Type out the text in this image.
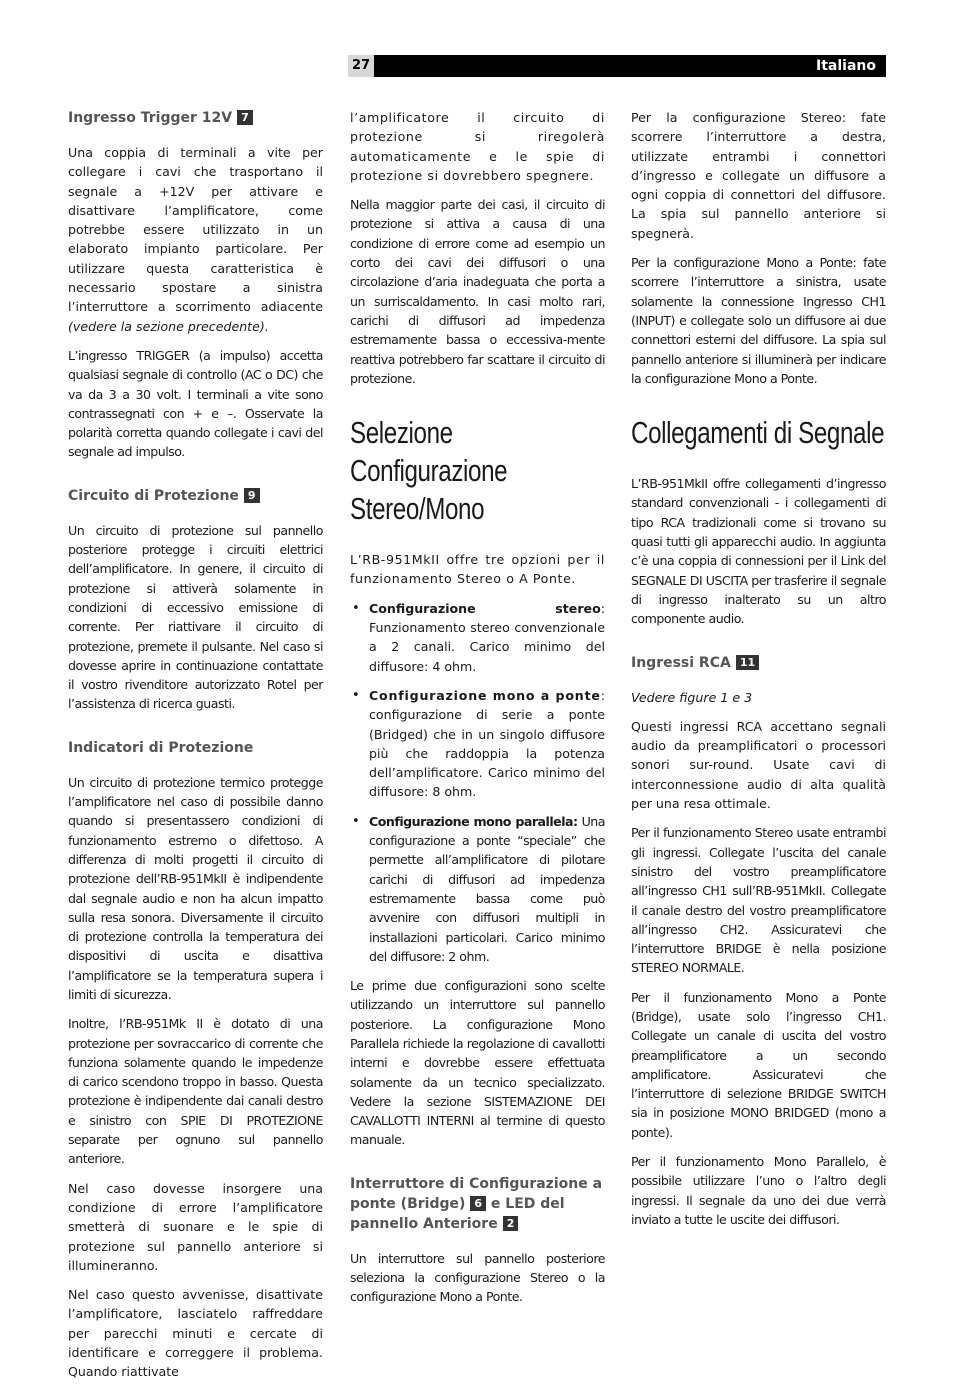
27	Italiano
Ingresso Trigger 12V 7

Una coppia di terminali a vite per collegare i cavi che trasportano il segnale a +12V per attivare e disattivare l’amplificatore, come potrebbe essere utilizzato in un elaborato impianto particolare. Per utilizzare questa caratteristica è necessario spostare a sinistra l’interruttore a scorrimento adiacente (vedere la sezione precedente).

L’ingresso TRIGGER (a impulso) accetta qualsiasi segnale di controllo (AC o DC) che va da 3 a 30 volt. I terminali a vite sono contrassegnati con + e –. Osservate la polarità corretta quando collegate i cavi del segnale ad impulso.

Circuito di Protezione 9

Un circuito di protezione sul pannello posteriore protegge i circuiti elettrici dell’amplificatore. In genere, il circuito di protezione si attiverà solamente in condizioni di eccessivo emissione di corrente. Per riattivare il circuito di protezione, premete il pulsante. Nel caso si dovesse aprire in continuazione contattate il vostro rivenditore autorizzato Rotel per l’assistenza di ricerca guasti.

Indicatori di Protezione

Un circuito di protezione termico protegge l’amplificatore nel caso di possibile danno quando si presentassero condizioni di funzionamento estremo o difettoso. A differenza di molti progetti il circuito di protezione dell’RB-951MkII è indipendente dal segnale audio e non ha alcun impatto sulla resa sonora. Diversamente il circuito di protezione controlla la temperatura dei dispositivi di uscita e disattiva l’amplificatore se la temperatura supera i limiti di sicurezza.

Inoltre, l’RB-951Mk II è dotato di una protezione per sovraccarico di corrente che funziona solamente quando le impedenze di carico scendono troppo in basso. Questa protezione è indipendente dai canali destro e sinistro con SPIE DI PROTEZIONE separate per ognuno sul pannello anteriore.

Nel caso dovesse insorgere una condizione di errore l’amplificatore smetterà di suonare e le spie di protezione sul pannello anteriore si illumineranno.

Nel caso questo avvenisse, disattivate l’amplificatore, lasciatelo raffreddare per parecchi minuti e cercate di identificare e correggere il problema. Quando riattivate

l’amplificatore il circuito di protezione si riregolerà automaticamente e le spie di protezione si dovrebbero spegnere.

Nella maggior parte dei casi, il circuito di protezione si attiva a causa di una condizione di errore come ad esempio un corto dei cavi dei diffusori o una circolazione d’aria inadeguata che porta a un surriscaldamento. In casi molto rari, carichi di diffusori ad impedenza estremamente bassa o eccessiva-mente reattiva potrebbero far scattare il circuito di protezione.

Selezione Configurazione Stereo/Mono

L’RB-951MkII offre tre opzioni per il funzionamento Stereo o A Ponte.

• Configurazione stereo: Funzionamento stereo convenzionale a 2 canali. Carico minimo del diffusore: 4 ohm.

• Configurazione mono a ponte: configurazione di serie a ponte (Bridged) che in un singolo diffusore più che raddoppia la potenza dell’amplificatore. Carico minimo del diffusore: 8 ohm.

• Configurazione mono parallela: Una configurazione a ponte “speciale” che permette all’amplificatore di pilotare carichi di diffusori ad impedenza estremamente bassa come può avvenire con diffusori multipli in installazioni particolari. Carico minimo del diffusore: 2 ohm.

Le prime due configurazioni sono scelte utilizzando un interruttore sul pannello posteriore. La configurazione Mono Parallela richiede la regolazione di cavallotti interni e dovrebbe essere effettuata solamente da un tecnico specializzato. Vedere la sezione SISTEMAZIONE DEI CAVALLOTTI INTERNI al termine di questo manuale.

Interruttore di Configurazione a ponte (Bridge) 6 e LED del pannello Anteriore 2

Un interruttore sul pannello posteriore seleziona la configurazione Stereo o la configurazione Mono a Ponte.

Per la configurazione Stereo: fate scorrere l’interruttore a destra, utilizzate entrambi i connettori d’ingresso e collegate un diffusore a ogni coppia di connettori del diffusore. La spia sul pannello anteriore si spegnerà.

Per la configurazione Mono a Ponte: fate scorrere l’interruttore a sinistra, usate solamente la connessione Ingresso CH1 (INPUT) e collegate solo un diffusore ai due connettori esterni del diffusore. La spia sul pannello anteriore si illuminerà per indicare la configurazione Mono a Ponte.

Collegamenti di Segnale

L’RB-951MkII offre collegamenti d’ingresso standard convenzionali - i collegamenti di tipo RCA tradizionali come si trovano su quasi tutti gli apparecchi audio. In aggiunta c’è una coppia di connessioni per il Link del SEGNALE DI USCITA per trasferire il segnale di ingresso inalterato su un altro componente audio.

Ingressi RCA 11

Vedere figure 1 e 3

Questi ingressi RCA accettano segnali audio da preamplificatori o processori sonori sur-round. Usate cavi di interconnessione audio di alta qualità per una resa ottimale.

Per il funzionamento Stereo usate entrambi gli ingressi. Collegate l’uscita del canale sinistro del vostro preamplificatore all’ingresso CH1 sull’RB-951MkII. Collegate il canale destro del vostro preamplificatore all’ingresso CH2. Assicuratevi che l’interruttore BRIDGE è nella posizione STEREO NORMALE.

Per il funzionamento Mono a Ponte (Bridge), usate solo l’ingresso CH1. Collegate un canale di uscita del vostro preamplificatore a un secondo amplificatore. Assicuratevi che l’interruttore di selezione BRIDGE SWITCH sia in posizione MONO BRIDGED (mono a ponte).

Per il funzionamento Mono Parallelo, è possibile utilizzare l’uno o l’altro degli ingressi. Il segnale da uno dei due verrà inviato a tutte le uscite dei diffusori.
